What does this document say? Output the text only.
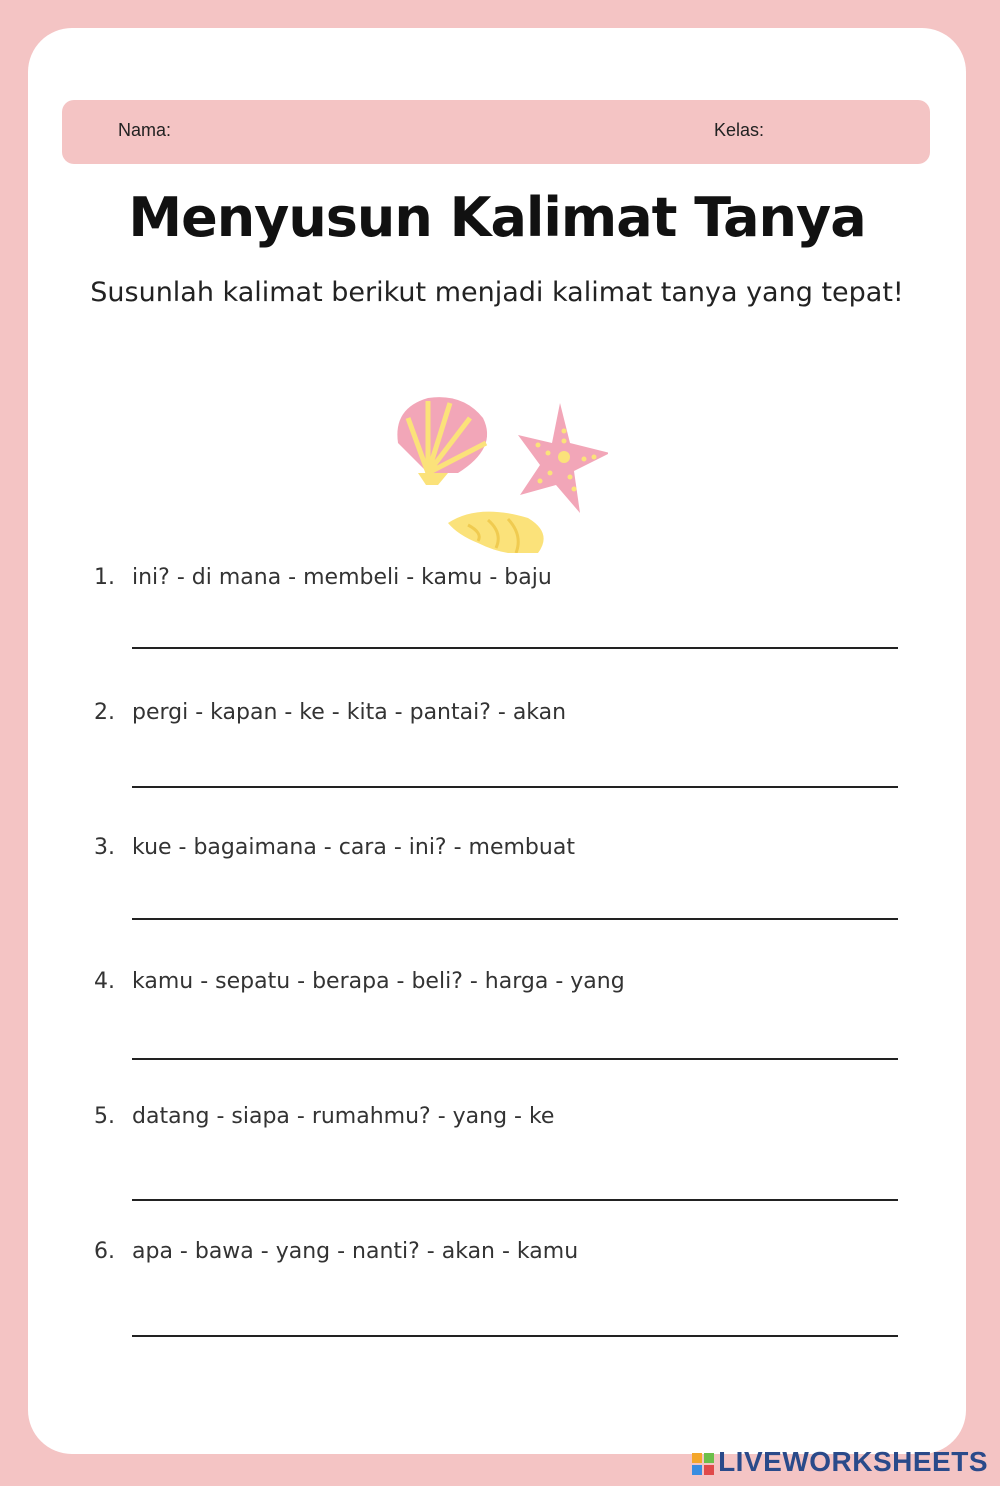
Nama:	Kelas:
Menyusun Kalimat Tanya
Susunlah kalimat berikut menjadi kalimat tanya yang tepat!
1. ini? - di mana - membeli - kamu - baju
2. pergi - kapan - ke - kita - pantai? - akan
3. kue - bagaimana - cara - ini? - membuat
4. kamu - sepatu - berapa - beli? - harga - yang
5. datang - siapa - rumahmu? - yang - ke
6. apa - bawa - yang - nanti? - akan - kamu
LIVEWORKSHEETS
